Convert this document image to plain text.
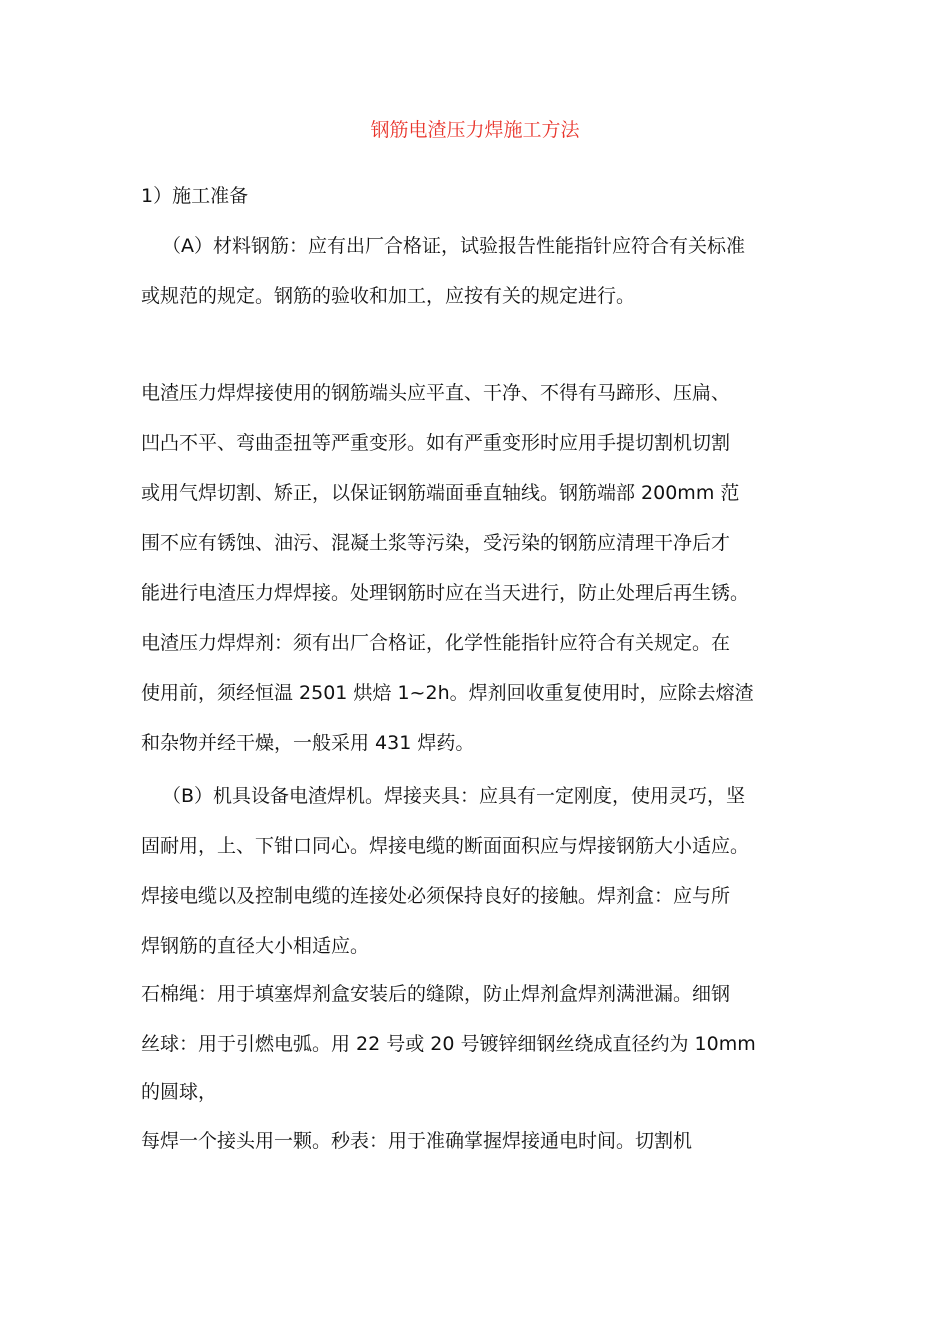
钢筋电渣压力焊施工方法
1）施工准备
（A）材料钢筋：应有出厂合格证，试验报告性能指针应符合有关标准
或规范的规定。钢筋的验收和加工，应按有关的规定进行。
电渣压力焊焊接使用的钢筋端头应平直、干净、不得有马蹄形、压扁、
凹凸不平、弯曲歪扭等严重变形。如有严重变形时应用手提切割机切割
或用气焊切割、矫正，以保证钢筋端面垂直轴线。钢筋端部 200mm 范
围不应有锈蚀、油污、混凝土浆等污染，受污染的钢筋应清理干净后才
能进行电渣压力焊焊接。处理钢筋时应在当天进行，防止处理后再生锈。
电渣压力焊焊剂：须有出厂合格证，化学性能指针应符合有关规定。在
使用前，须经恒温 2501 烘焙 1~2h。焊剂回收重复使用时，应除去熔渣
和杂物并经干燥，一般采用 431 焊药。
（B）机具设备电渣焊机。焊接夹具：应具有一定刚度，使用灵巧，坚
固耐用，上、下钳口同心。焊接电缆的断面面积应与焊接钢筋大小适应。
焊接电缆以及控制电缆的连接处必须保持良好的接触。焊剂盒：应与所
焊钢筋的直径大小相适应。
石棉绳：用于填塞焊剂盒安装后的缝隙，防止焊剂盒焊剂满泄漏。细钢
丝球：用于引燃电弧。用 22 号或 20 号镀锌细钢丝绕成直径约为 10mm
的圆球，
每焊一个接头用一颗。秒表：用于准确掌握焊接通电时间。切割机
